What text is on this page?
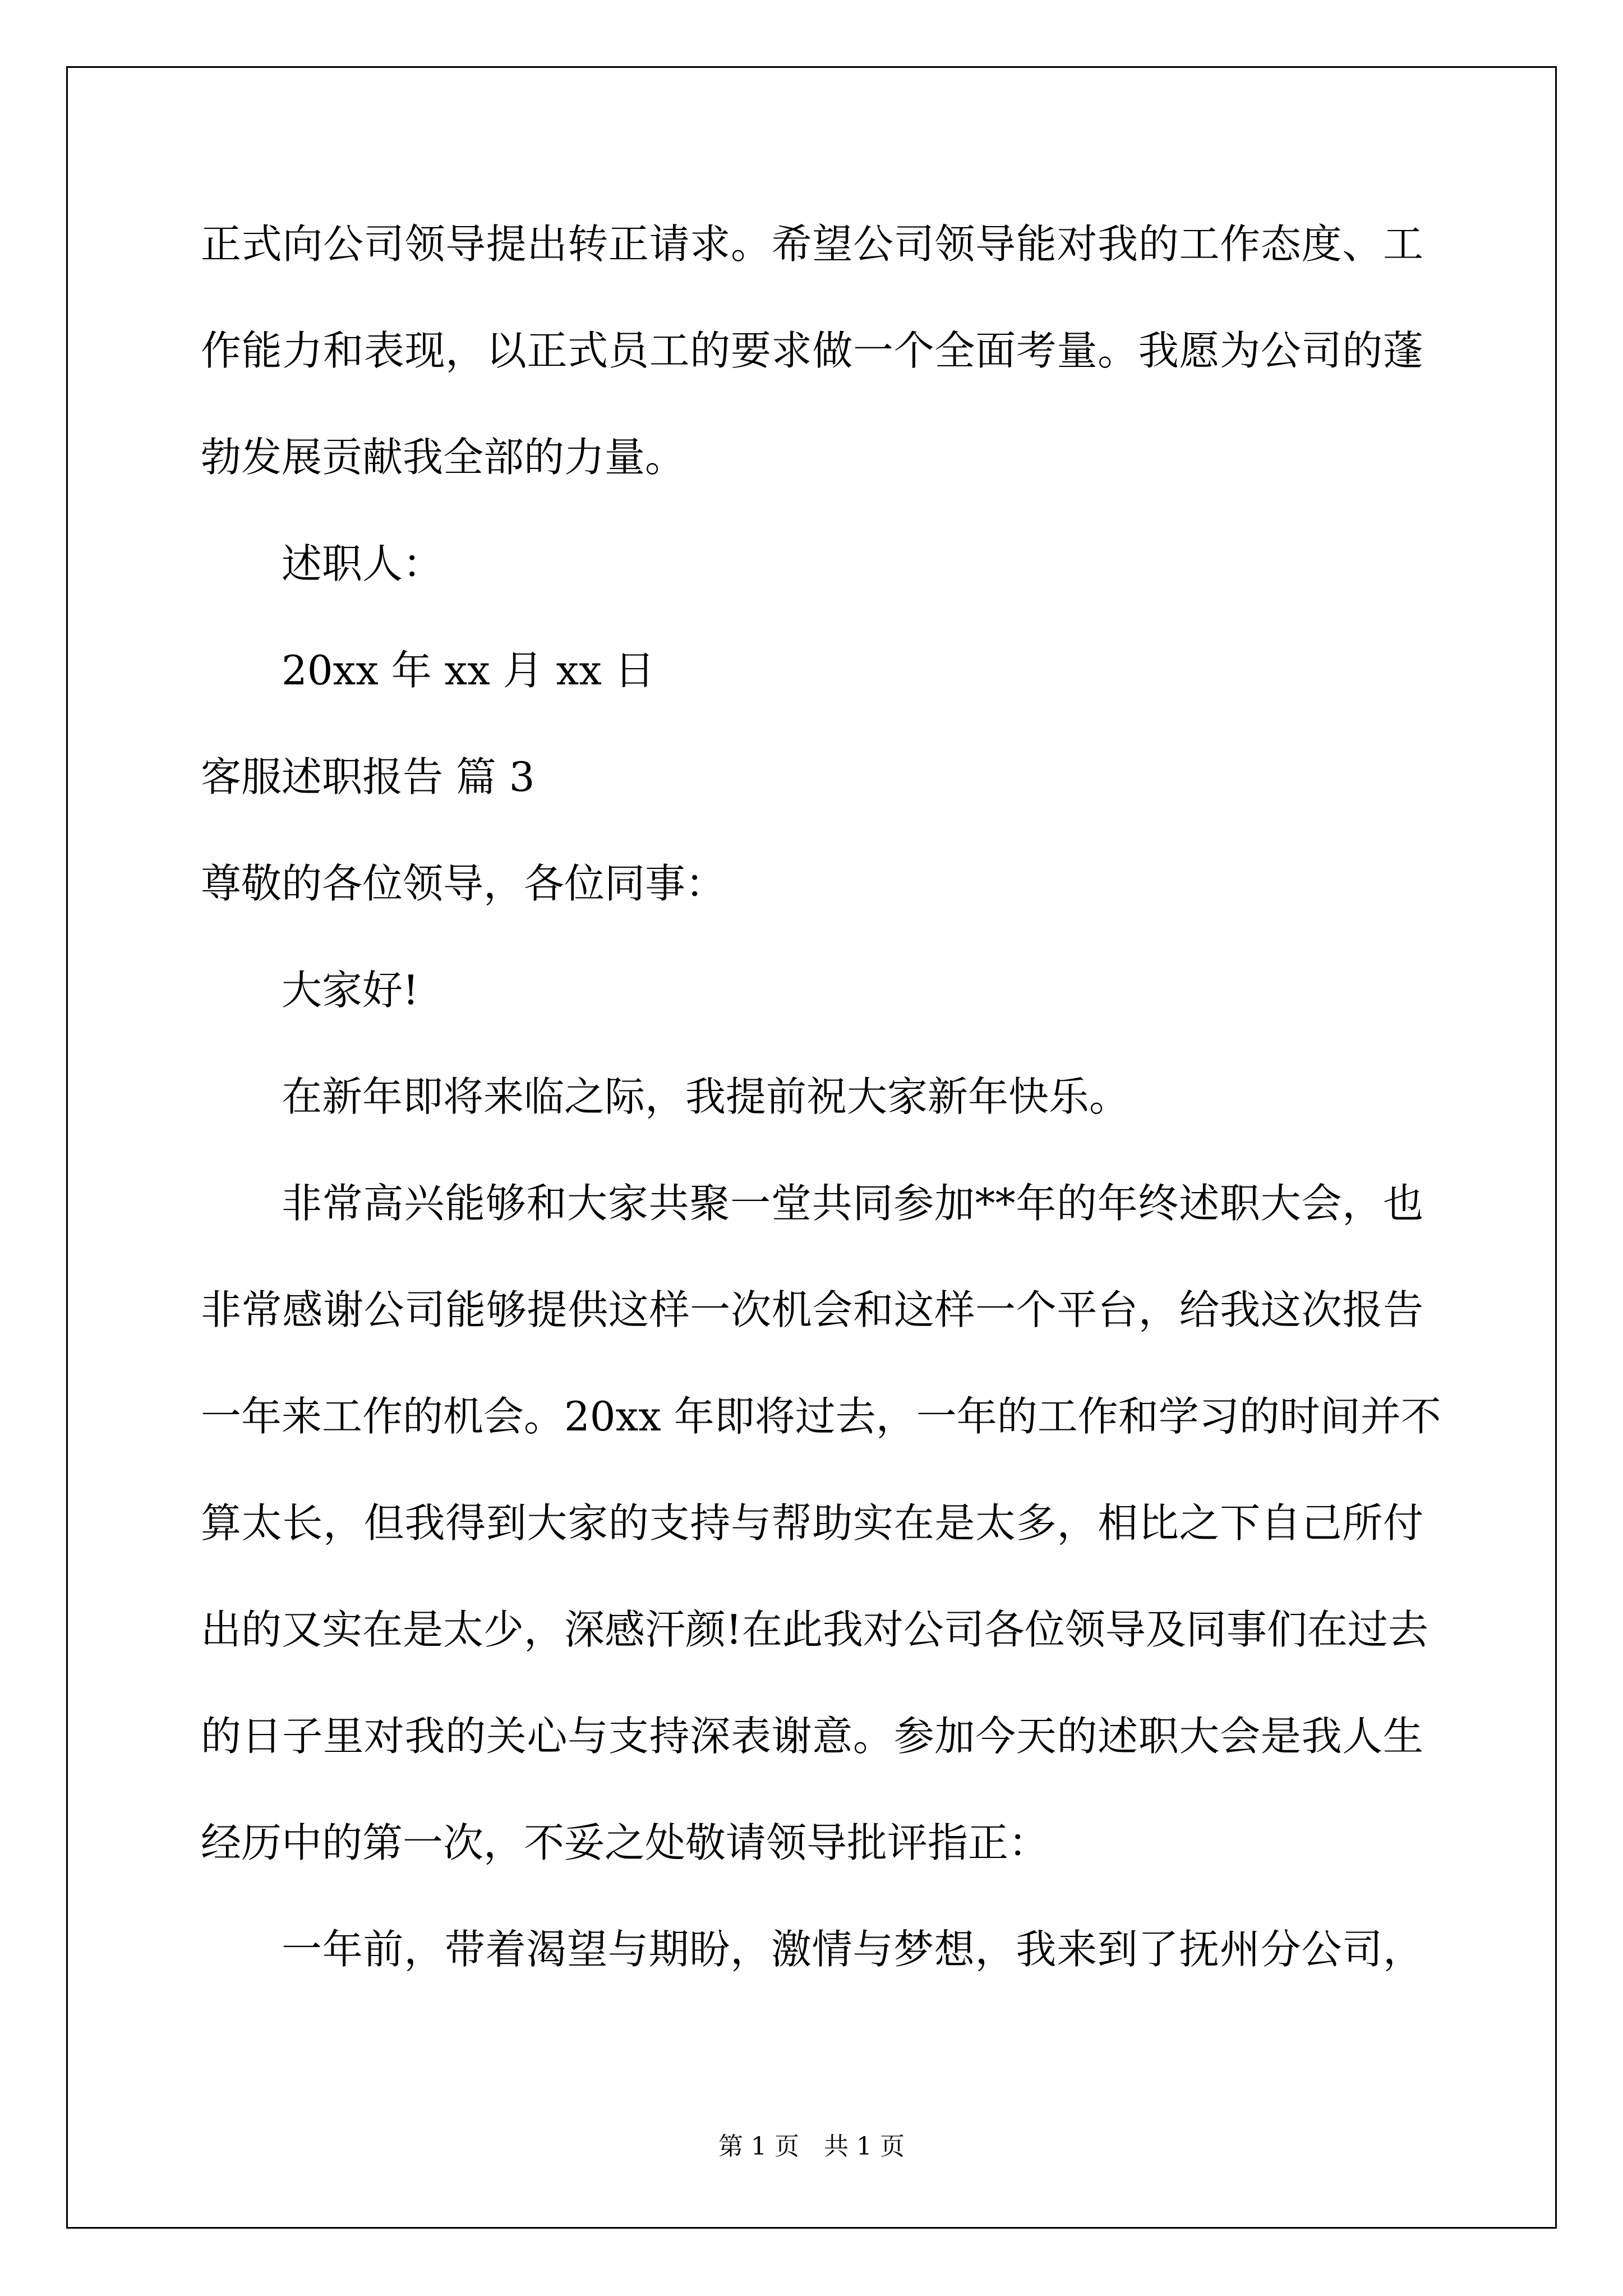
正式向公司领导提出转正请求。希望公司领导能对我的工作态度、工
作能力和表现，以正式员工的要求做一个全面考量。我愿为公司的蓬
勃发展贡献我全部的力量。
述职人：
20xx 年 xx 月 xx 日
客服述职报告 篇 3
尊敬的各位领导，各位同事：
大家好!
在新年即将来临之际，我提前祝大家新年快乐。
非常高兴能够和大家共聚一堂共同参加**年的年终述职大会，也
非常感谢公司能够提供这样一次机会和这样一个平台，给我这次报告
一年来工作的机会。20xx 年即将过去，一年的工作和学习的时间并不
算太长，但我得到大家的支持与帮助实在是太多，相比之下自己所付
出的又实在是太少，深感汗颜!在此我对公司各位领导及同事们在过去
的日子里对我的关心与支持深表谢意。参加今天的述职大会是我人生
经历中的第一次，不妥之处敬请领导批评指正：
一年前，带着渴望与期盼，激情与梦想，我来到了抚州分公司，
第 1 页　共 1 页
